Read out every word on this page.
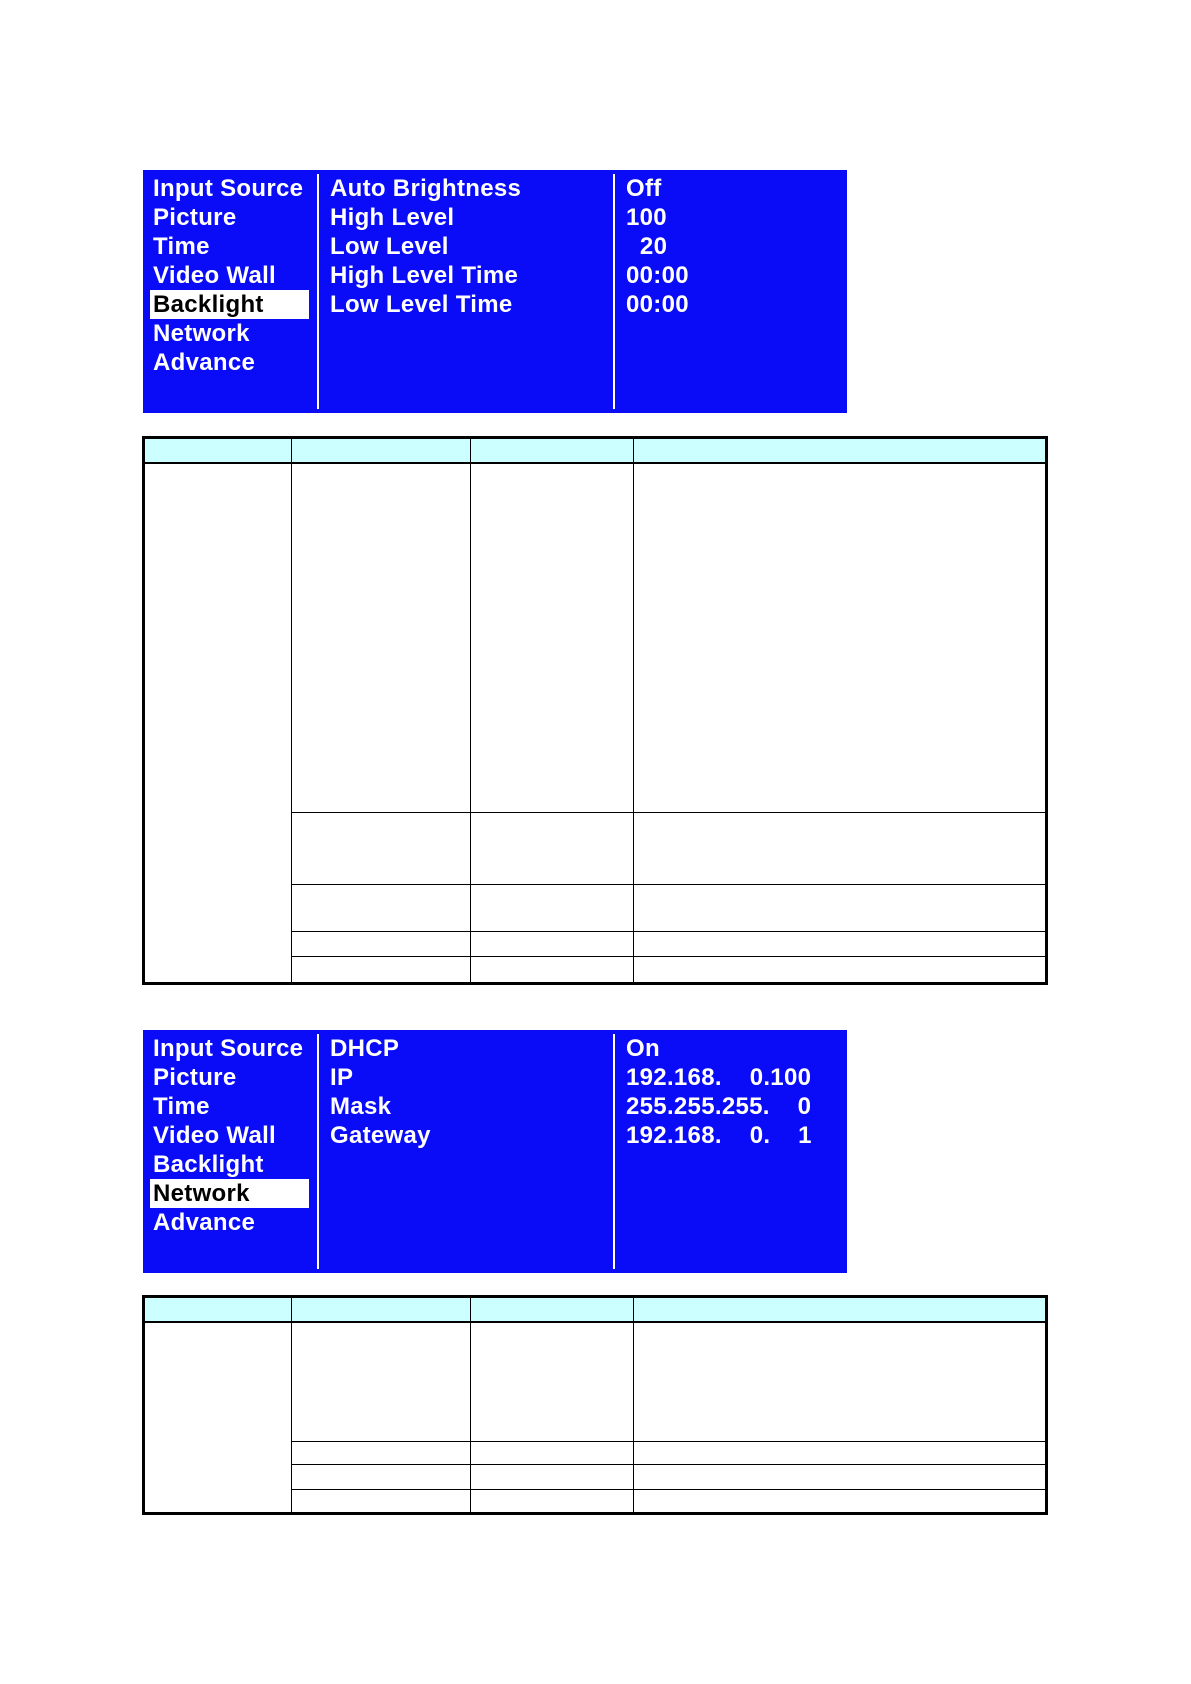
Input Source
Picture
Time
Video Wall
Backlight
Network
Advance
Auto Brightness
High Level
Low Level
High Level Time
Low Level Time
Off
100
20
00:00
00:00
Input Source
Picture
Time
Video Wall
Backlight
Network
Advance
DHCP
IP
Mask
Gateway
On
192.168.    0.100
255.255.255.    0
192.168.    0.    1
